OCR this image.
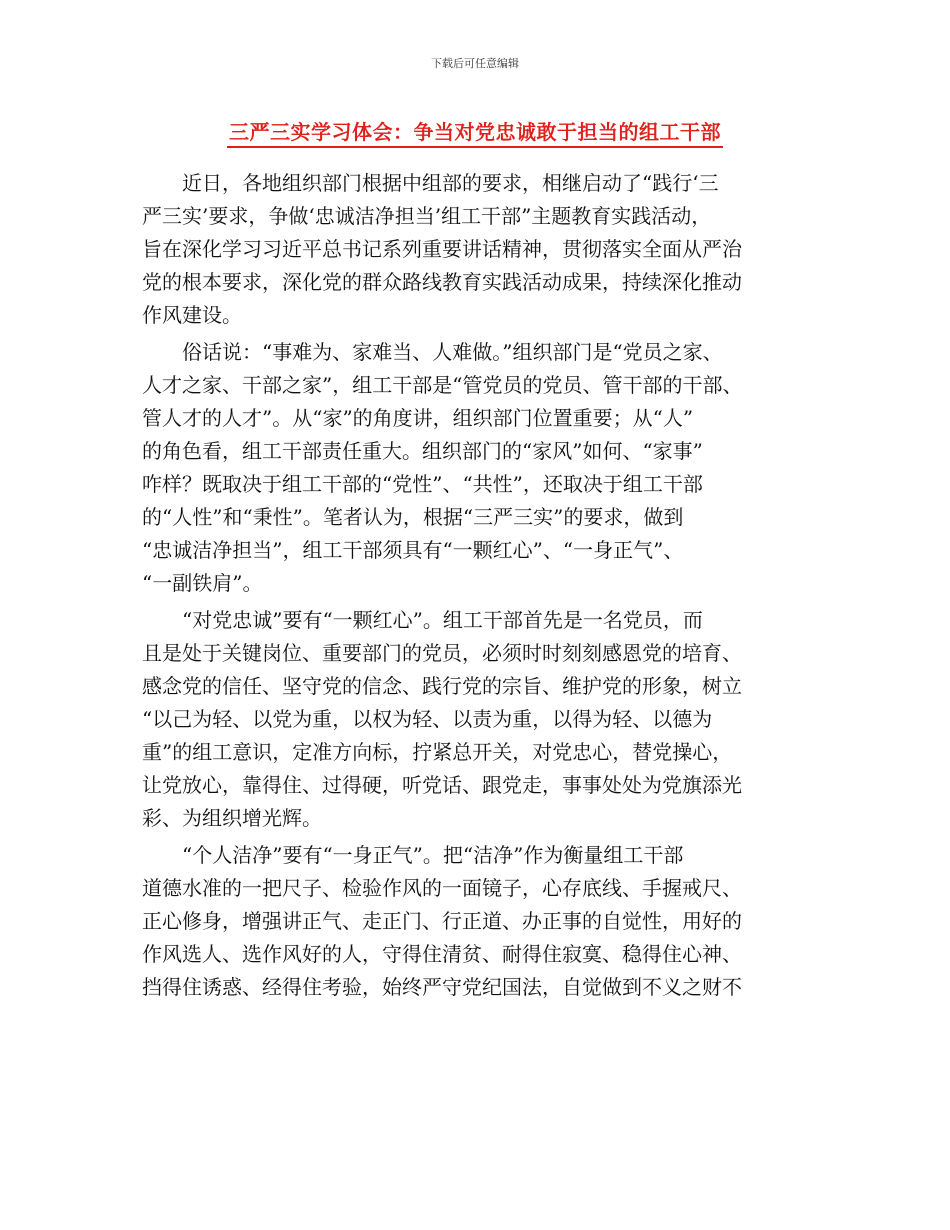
下载后可任意编辑
三严三实学习体会：争当对党忠诚敢于担当的组工干部
近日，各地组织部门根据中组部的要求，相继启动了“践行‘三
严三实’要求，争做‘忠诚洁净担当’组工干部”主题教育实践活动，
旨在深化学习习近平总书记系列重要讲话精神，贯彻落实全面从严治
党的根本要求，深化党的群众路线教育实践活动成果，持续深化推动
作风建设。
俗话说：“事难为、家难当、人难做。”组织部门是“党员之家、
人才之家、干部之家”，组工干部是“管党员的党员、管干部的干部、
管人才的人才”。从“家”的角度讲，组织部门位置重要；从“人”
的角色看，组工干部责任重大。组织部门的“家风”如何、“家事”
咋样？既取决于组工干部的“党性”、“共性”，还取决于组工干部
的“人性”和“秉性”。笔者认为，根据“三严三实”的要求，做到
“忠诚洁净担当”，组工干部须具有“一颗红心”、“一身正气”、
“一副铁肩”。
“对党忠诚”要有“一颗红心”。组工干部首先是一名党员，而
且是处于关键岗位、重要部门的党员，必须时时刻刻感恩党的培育、
感念党的信任、坚守党的信念、践行党的宗旨、维护党的形象，树立
“以己为轻、以党为重，以权为轻、以责为重，以得为轻、以德为
重”的组工意识，定准方向标，拧紧总开关，对党忠心，替党操心，
让党放心，靠得住、过得硬，听党话、跟党走，事事处处为党旗添光
彩、为组织增光辉。
“个人洁净”要有“一身正气”。把“洁净”作为衡量组工干部
道德水准的一把尺子、检验作风的一面镜子，心存底线、手握戒尺、
正心修身，增强讲正气、走正门、行正道、办正事的自觉性，用好的
作风选人、选作风好的人，守得住清贫、耐得住寂寞、稳得住心神、
挡得住诱惑、经得住考验，始终严守党纪国法，自觉做到不义之财不
